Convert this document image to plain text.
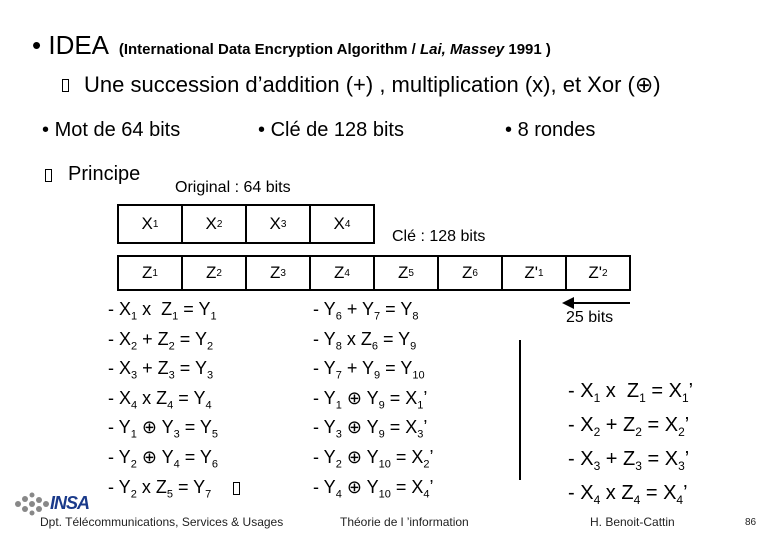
• IDEA (International Data Encryption Algorithm / Lai, Massey 1991 )
Une succession d’addition (+) , multiplication (x), et Xor (⊕)
• Mot de 64 bits	• Clé de 128 bits	• 8 rondes
Principe
Original : 64 bits
Clé : 128 bits
X 1	X 2	X 3	X 4
Z 1	Z 2	Z 3	Z 4	Z 5	Z 6	Z' 1	Z' 2
25 bits
- $X_1$ x  $Z_1 = Y_1$
- $X_2 + Z_2 = Y_2$
- $X_3 + Z_3 = Y_3$
- $X_4$ x $Z_4 = Y_4$
- $Y_1$ ⊕ $Y_3 = Y_5$
- $Y_2$ ⊕ $Y_4 = Y_6$
- $Y_2$ x $Z_5 = Y_7$
- $Y_6 + Y_7 = Y_8$
- $Y_8$ x $Z_6 = Y_9$
- $Y_7 + Y_9 = Y_{10}$
- $Y_1$ ⊕ $Y_9 = X_1$’
- $Y_3$ ⊕ $Y_9 = X_3$’
- $Y_2$ ⊕ $Y_{10} = X_2$’
- $Y_4$ ⊕ $Y_{10} = X_4$’
- $X_1$ x  $Z_1 = X_1$’
- $X_2 + Z_2 = X_2$’
- $X_3 + Z_3 = X_3$’
- $X_4$ x $Z_4 = X_4$’
INSA
Dpt. Télécommunications, Services & Usages	Théorie de l ’information	H. Benoit-Cattin	86
